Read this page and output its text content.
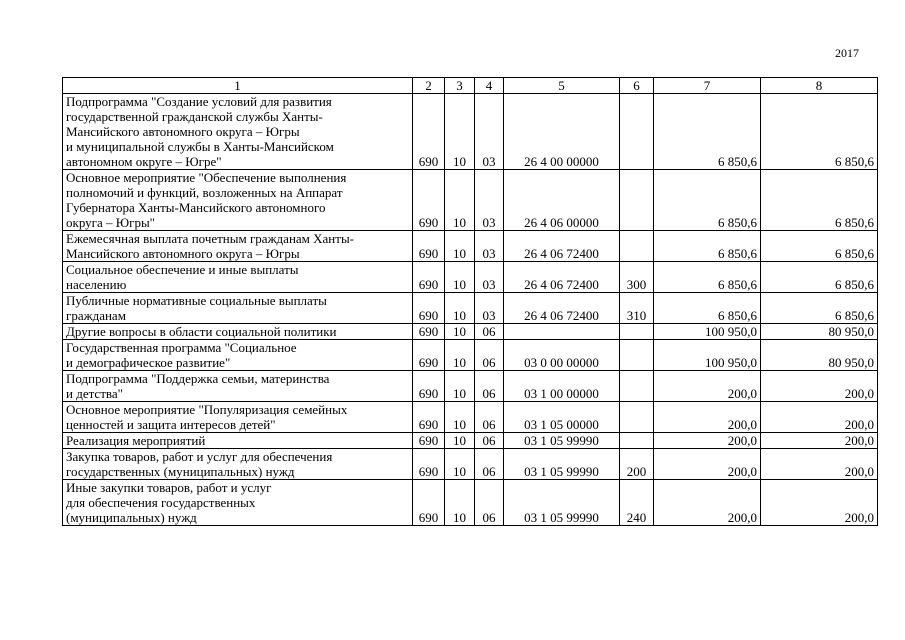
2017
1	2	3	4	5	6	7	8
Подпрограмма "Создание условий для развития
государственной гражданской службы Ханты-
Мансийского автономного округа – Югры
и муниципальной службы в Ханты-Мансийском
автономном округе – Югре"	690	10	03	26 4 00 00000		6 850,6	6 850,6
Основное мероприятие "Обеспечение выполнения
полномочий и функций, возложенных на Аппарат
Губернатора Ханты-Мансийского автономного
округа – Югры"	690	10	03	26 4 06 00000		6 850,6	6 850,6
Ежемесячная выплата почетным гражданам Ханты-
Мансийского автономного округа – Югры	690	10	03	26 4 06 72400		6 850,6	6 850,6
Социальное обеспечение и иные выплаты
населению	690	10	03	26 4 06 72400	300	6 850,6	6 850,6
Публичные нормативные социальные выплаты
гражданам	690	10	03	26 4 06 72400	310	6 850,6	6 850,6
Другие вопросы в области социальной политики	690	10	06			100 950,0	80 950,0
Государственная программа "Социальное
и демографическое развитие"	690	10	06	03 0 00 00000		100 950,0	80 950,0
Подпрограмма "Поддержка семьи, материнства
и детства"	690	10	06	03 1 00 00000		200,0	200,0
Основное мероприятие "Популяризация семейных
ценностей и защита интересов детей"	690	10	06	03 1 05 00000		200,0	200,0
Реализация мероприятий	690	10	06	03 1 05 99990		200,0	200,0
Закупка товаров, работ и услуг для обеспечения
государственных (муниципальных) нужд	690	10	06	03 1 05 99990	200	200,0	200,0
Иные закупки товаров, работ и услуг
для обеспечения государственных
(муниципальных) нужд	690	10	06	03 1 05 99990	240	200,0	200,0
